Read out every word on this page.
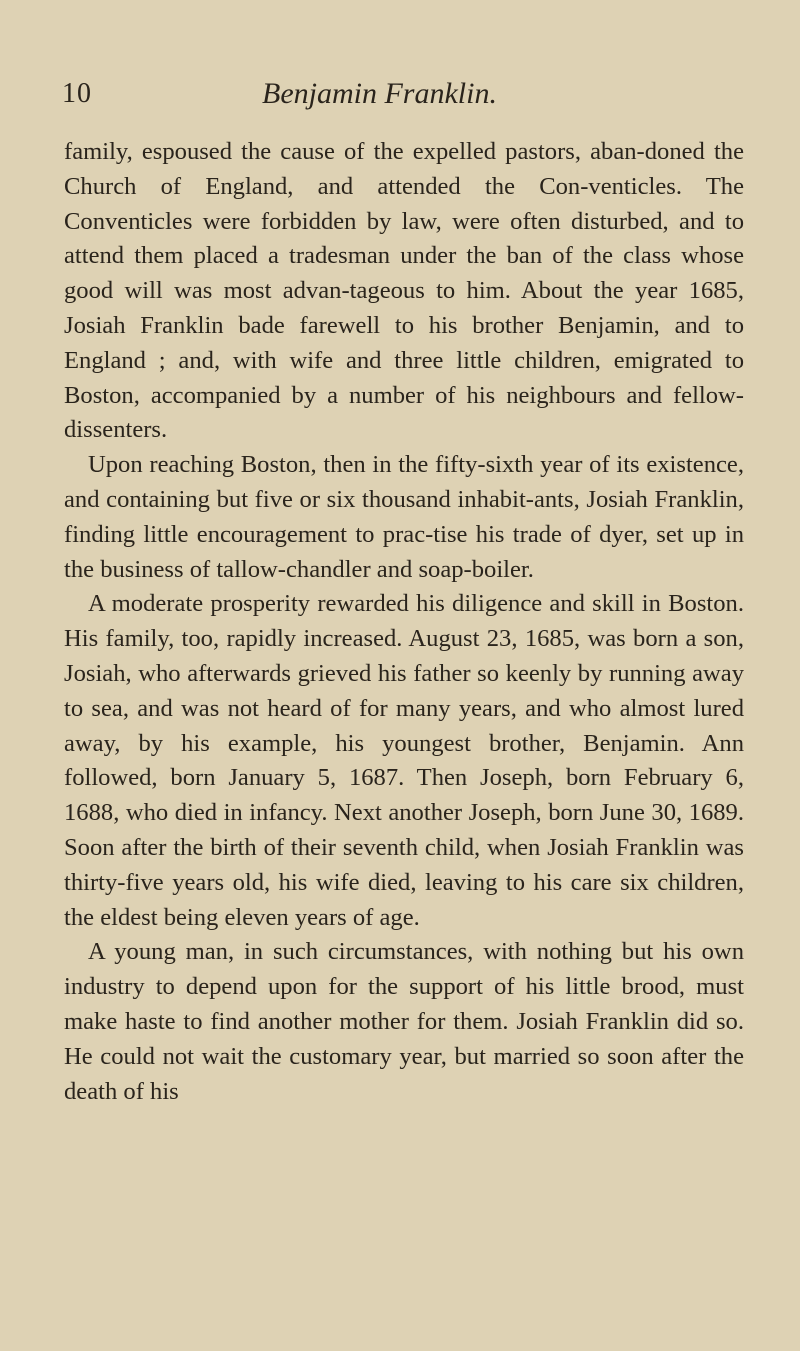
10	Benjamin Franklin.

family, espoused the cause of the expelled pastors, aban-doned the Church of England, and attended the Con-venticles. The Conventicles were forbidden by law, were often disturbed, and to attend them placed a tradesman under the ban of the class whose good will was most advan-tageous to him. About the year 1685, Josiah Franklin bade farewell to his brother Benjamin, and to England ; and, with wife and three little children, emigrated to Boston, accompanied by a number of his neighbours and fellow-dissenters.

Upon reaching Boston, then in the fifty-sixth year of its existence, and containing but five or six thousand inhabit-ants, Josiah Franklin, finding little encouragement to prac-tise his trade of dyer, set up in the business of tallow-chandler and soap-boiler.

A moderate prosperity rewarded his diligence and skill in Boston. His family, too, rapidly increased. August 23, 1685, was born a son, Josiah, who afterwards grieved his father so keenly by running away to sea, and was not heard of for many years, and who almost lured away, by his example, his youngest brother, Benjamin. Ann followed, born January 5, 1687. Then Joseph, born February 6, 1688, who died in infancy. Next another Joseph, born June 30, 1689. Soon after the birth of their seventh child, when Josiah Franklin was thirty-five years old, his wife died, leaving to his care six children, the eldest being eleven years of age.

A young man, in such circumstances, with nothing but his own industry to depend upon for the support of his little brood, must make haste to find another mother for them. Josiah Franklin did so. He could not wait the customary year, but married so soon after the death of his
